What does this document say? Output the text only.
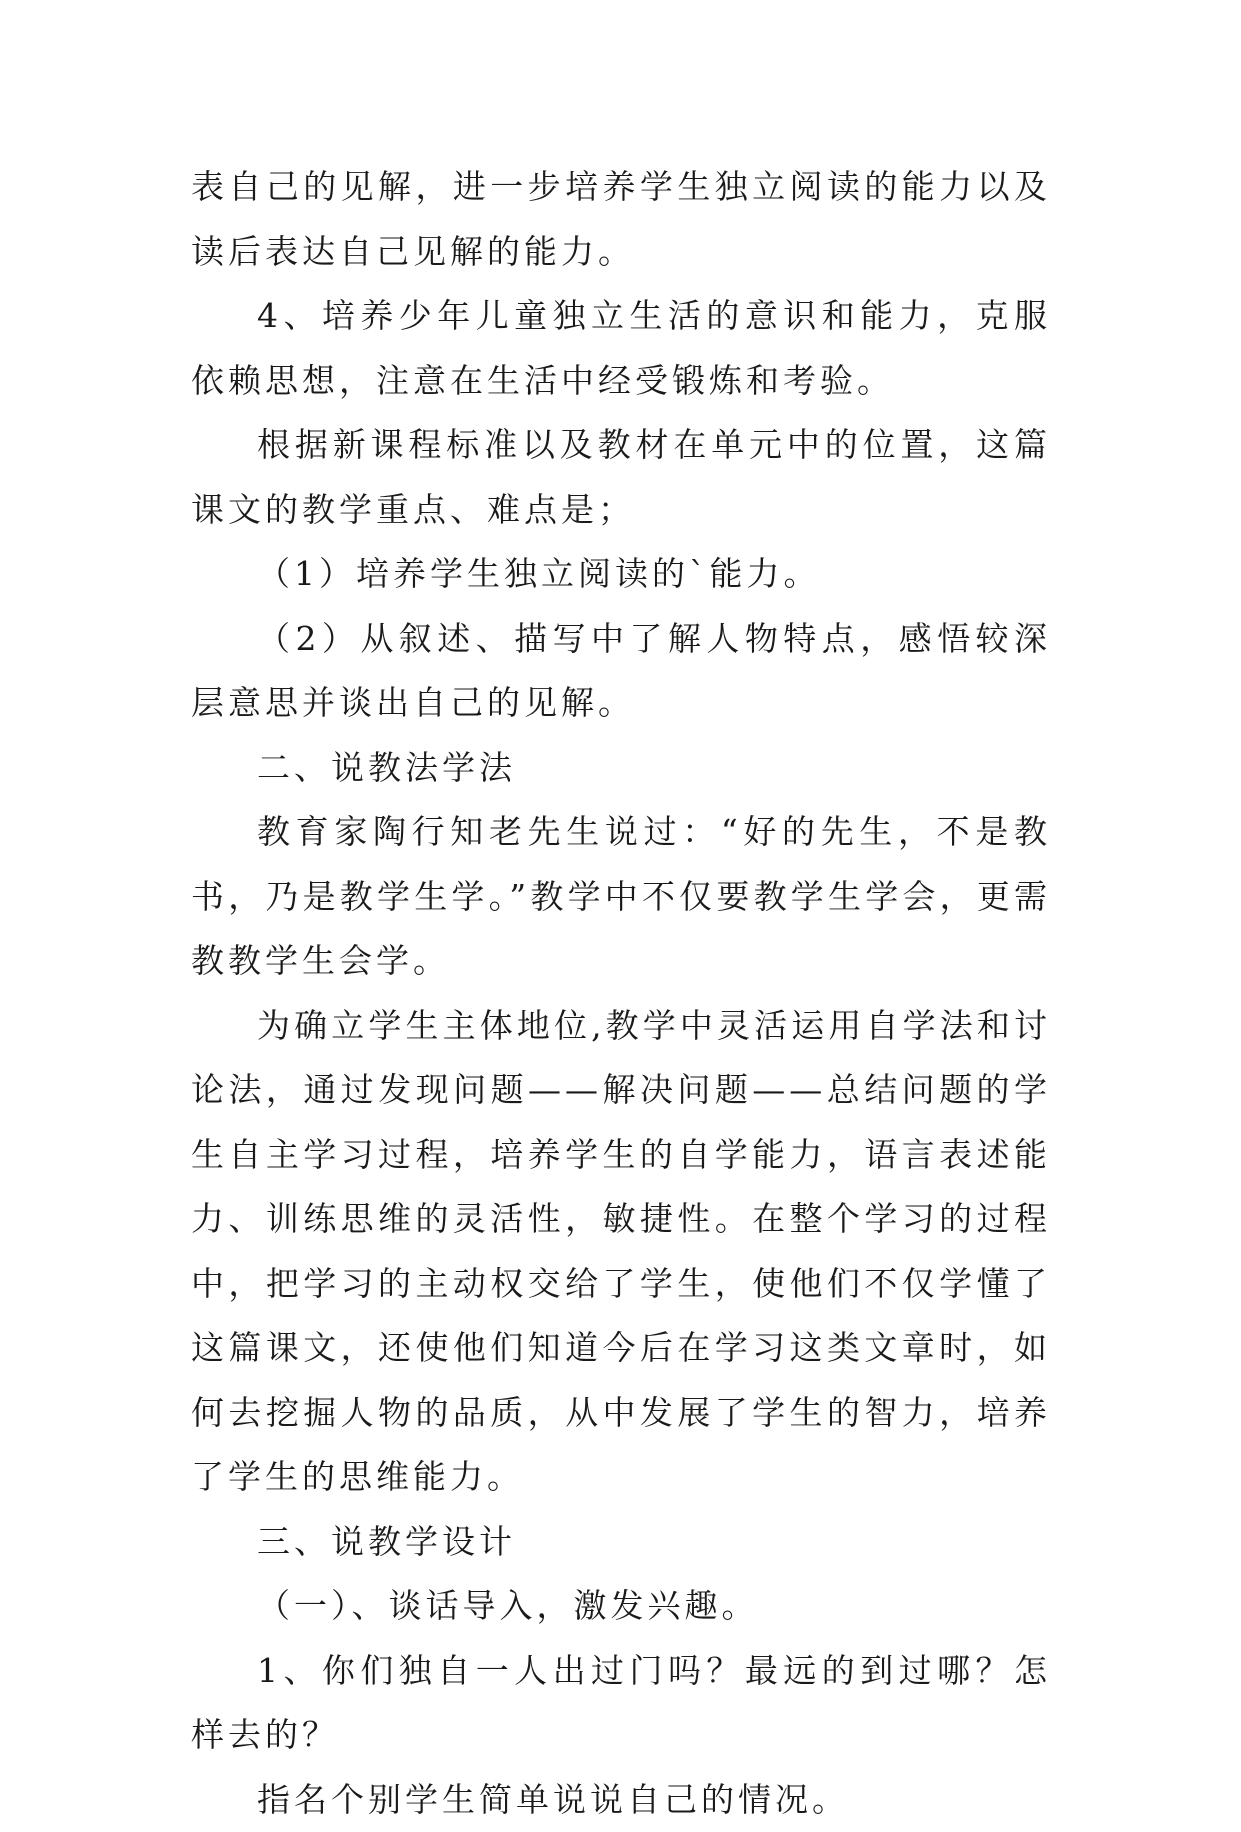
表自己的见解，进一步培养学生独立阅读的能力以及读后表达自己见解的能力。

4、培养少年儿童独立生活的意识和能力，克服依赖思想，注意在生活中经受锻炼和考验。

根据新课程标准以及教材在单元中的位置，这篇课文的教学重点、难点是；

（1）培养学生独立阅读的`能力。

（2）从叙述、描写中了解人物特点，感悟较深层意思并谈出自己的见解。

二、说教法学法

教育家陶行知老先生说过：“好的先生，不是教书，乃是教学生学。”教学中不仅要教学生学会，更需教教学生会学。

为确立学生主体地位,教学中灵活运用自学法和讨论法，通过发现问题——解决问题——总结问题的学生自主学习过程，培养学生的自学能力，语言表述能力、训练思维的灵活性，敏捷性。在整个学习的过程中，把学习的主动权交给了学生，使他们不仅学懂了这篇课文，还使他们知道今后在学习这类文章时，如何去挖掘人物的品质，从中发展了学生的智力，培养了学生的思维能力。

三、说教学设计

（一）、谈话导入，激发兴趣。

1、你们独自一人出过门吗？最远的到过哪？怎样去的？

指名个别学生简单说说自己的情况。
